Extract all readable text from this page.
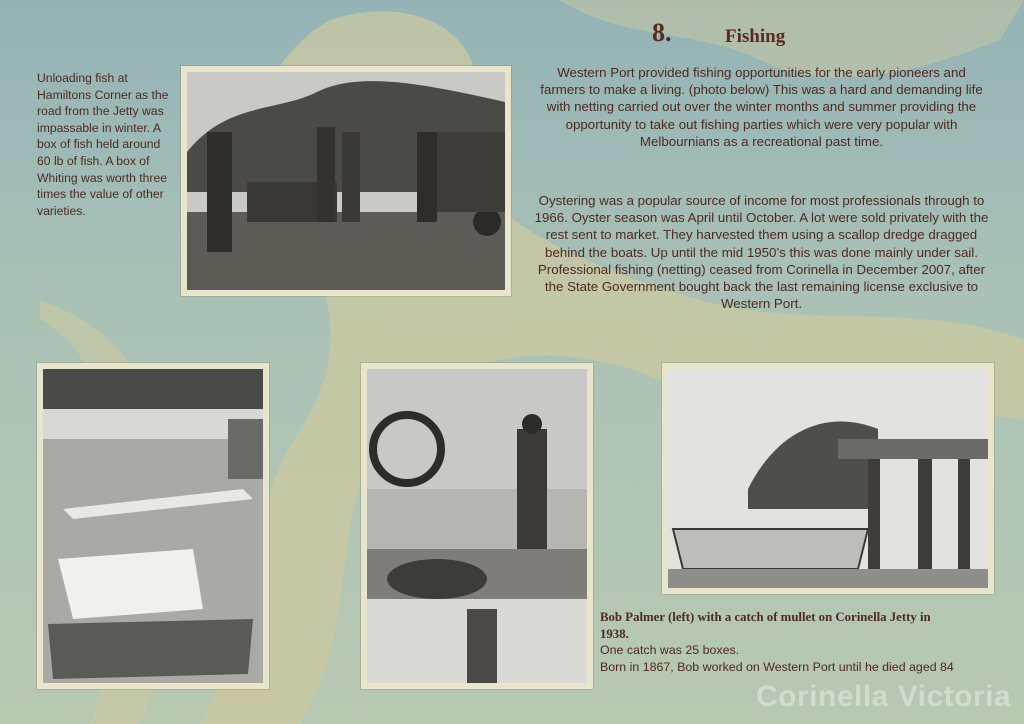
8.	Fishing

Western Port provided fishing opportunities for the early pioneers and farmers to make a living. (photo below) This was a hard and demanding life with netting carried out over the winter months and summer providing the opportunity to take out fishing parties which were very popular with Melbournians as a recreational past time.

Oystering was a popular source of income for most professionals through to 1966. Oyster season was April until October. A lot were sold privately with the rest sent to market. They harvested them using a scallop dredge dragged behind the boats. Up until the mid 1950’s this was done mainly under sail. Professional fishing (netting) ceased from Corinella in December 2007, after the State Government bought back the last remaining license exclusive to Western Port.

Unloading fish at Hamiltons Corner as the road from the Jetty was impassable in winter. A box of fish held around 60 lb of fish. A box of Whiting was worth three times the value of other varieties.

Bob Palmer (left) with a catch of mullet on Corinella Jetty in 1938.
One catch was 25 boxes.
Born in 1867, Bob worked on Western Port until he died aged 84
Corinella Victoria
